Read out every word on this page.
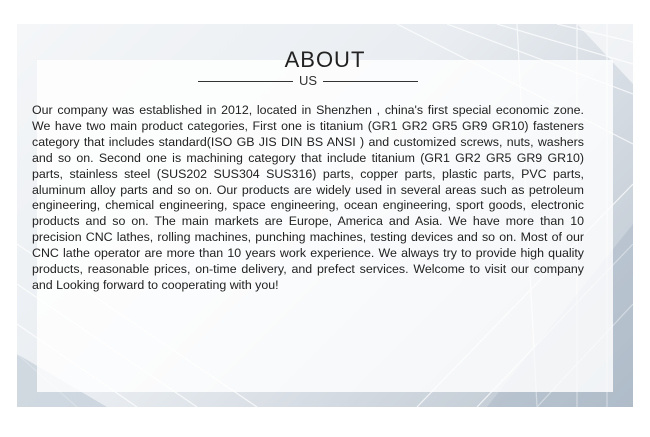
ABOUT
US
Our company was established in 2012, located in Shenzhen , china's first special economic zone. We have two main product categories, First one is titanium (GR1 GR2 GR5 GR9 GR10) fasteners category that includes standard(ISO GB JIS DIN BS ANSI ) and customized screws, nuts, washers and so on. Second one is machining category that include titanium (GR1 GR2 GR5 GR9 GR10) parts, stainless steel (SUS202 SUS304 SUS316) parts, copper parts, plastic parts, PVC parts, aluminum alloy parts and so on. Our products are widely used in several areas such as petroleum engineering, chemical engineering, space engineering, ocean engineering, sport goods, electronic products and so on. The main markets are Europe, America and Asia. We have more than 10 precision CNC lathes, rolling machines, punching machines, testing devices and so on. Most of our CNC lathe operator are more than 10 years work experience. We always try to provide high quality products, reasonable prices, on-time delivery, and prefect services. Welcome to visit our company and Looking forward to cooperating with you!
